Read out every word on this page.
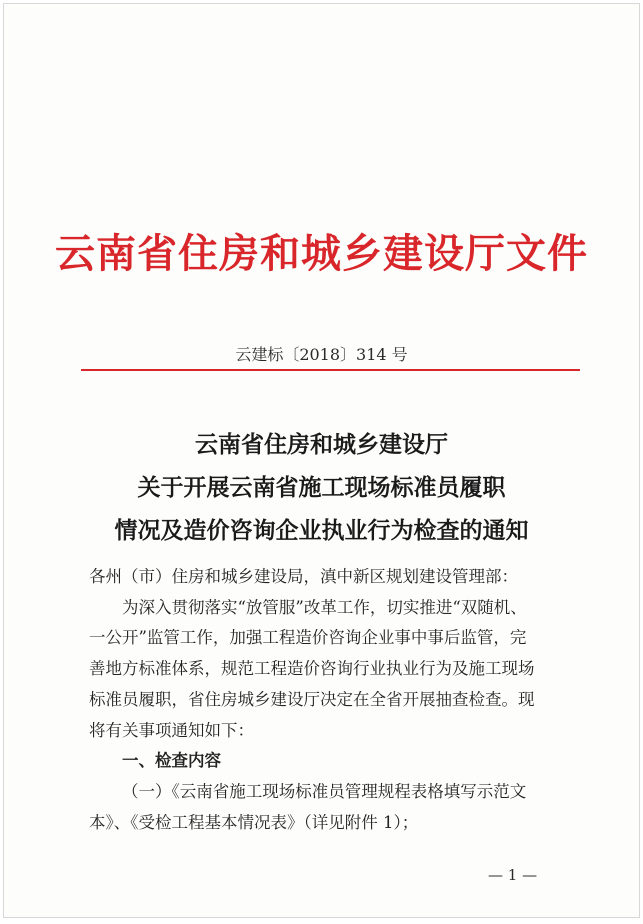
云南省住房和城乡建设厅文件
云建标〔2018〕314 号
云南省住房和城乡建设厅
关于开展云南省施工现场标准员履职
情况及造价咨询企业执业行为检查的通知

各州（市）住房和城乡建设局，滇中新区规划建设管理部：

为深入贯彻落实“放管服”改革工作，切实推进“双随机、

一公开”监管工作，加强工程造价咨询企业事中事后监管，完

善地方标准体系，规范工程造价咨询行业执业行为及施工现场

标准员履职，省住房城乡建设厅决定在全省开展抽查检查。现

将有关事项通知如下：

一、检查内容

（一）《云南省施工现场标准员管理规程表格填写示范文

本》、《受检工程基本情况表》（详见附件 1）；

— 1 —
